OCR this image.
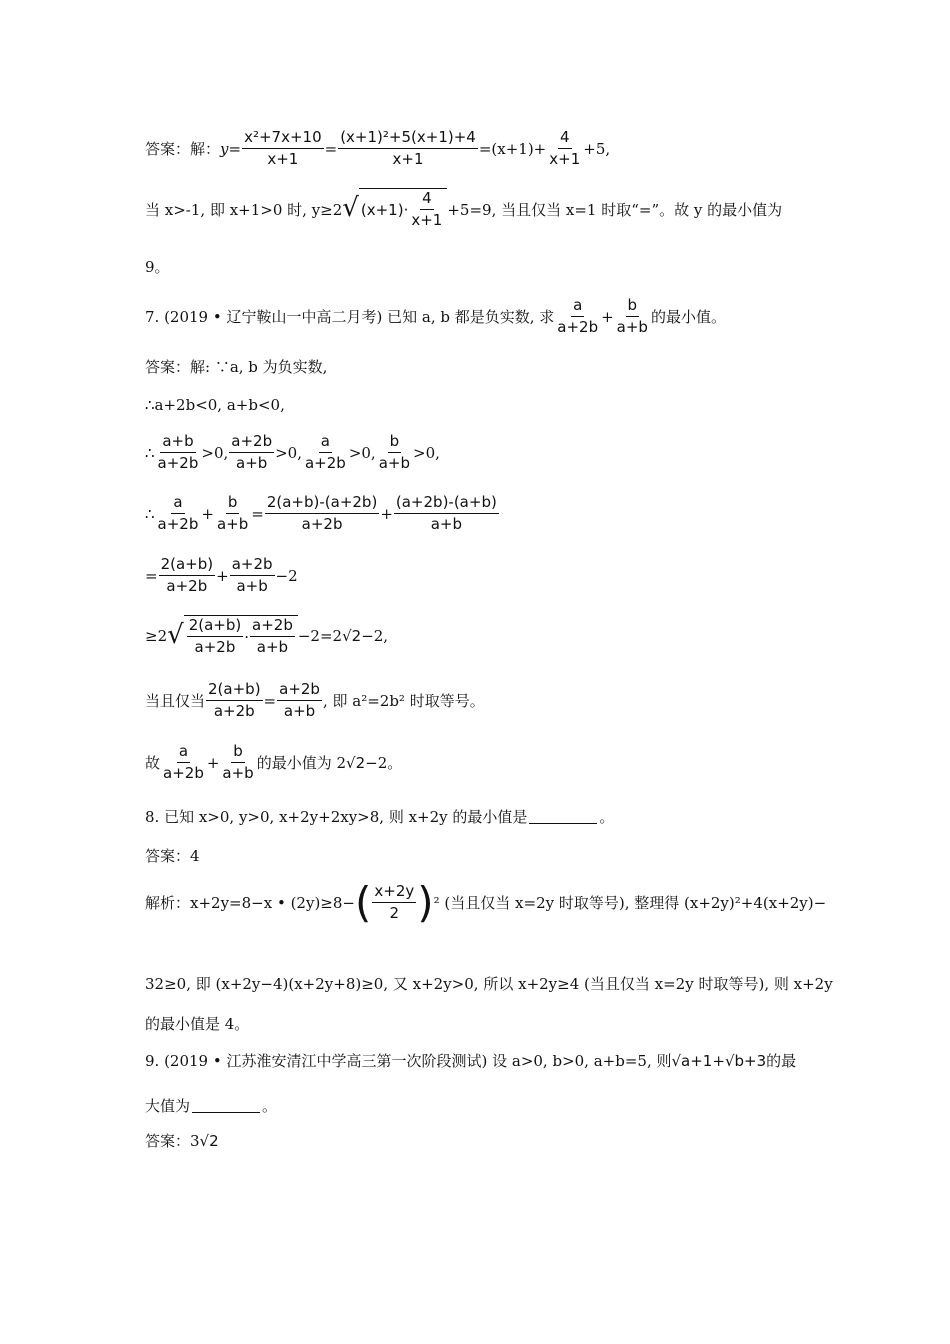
答案：解： $y = \frac{\text{x²+7x+10}}{x+1} = \frac{\text{(x+1)²+5(x+1)+4}}{x+1} =(x+1)+ \frac{4}{x+1} +5$,
当 x>-1, 即 x+1>0 时, y≥2 √ $(x+1)\cdot \frac{4}{x+1} +5=9$, 当且仅当 x=1 时取“=”。故 y 的最小值为
9。
7. (2019 • 辽宁鞍山一中高二月考) 已知 a, b 都是负实数, 求 $\frac{a}{a+2b} + \frac{b}{a+b}$ 的最小值。
答案：解: ∵a, b 为负实数,
∴a+2b<0, a+b<0,
∴ $\frac{a+b}{a+2b} >0$, $\frac{a+2b}{a+b} >0$, $\frac{a}{a+2b} >0$, $\frac{b}{a+b} >0$,
∴ $\frac{a}{a+2b} + \frac{b}{a+b} = \frac{2(a+b)-(a+2b)}{a+2b} + \frac{(a+2b)-(a+b)}{a+b}$
= $\frac{2(a+b)}{a+2b} + \frac{a+2b}{a+b} -2$
≥2 √ $\frac{2(a+b)}{a+2b} \cdot \frac{a+2b}{a+b} -2=2$ √2 −2,
当且仅当 $\frac{2(a+b)}{a+2b} = \frac{a+2b}{a+b}$ , 即 a²=2b² 时取等号。
故 $\frac{a}{a+2b} + \frac{b}{a+b}$ 的最小值为 2 √2 −2。
8. 已知 x>0, y>0, x+2y+2xy>8, 则 x+2y 的最小值是	。
答案：4
解析：x+2y=8−x • (2y)≥8− ( $\frac{x+2y}{2}$ ) ² (当且仅当 x=2y 时取等号), 整理得 (x+2y)²+4(x+2y)−
32≥0, 即 (x+2y−4)(x+2y+8)≥0, 又 x+2y>0, 所以 x+2y≥4 (当且仅当 x=2y 时取等号), 则 x+2y
的最小值是 4。
9. (2019 • 江苏淮安清江中学高三第一次阶段测试) 设 a>0, b>0, a+b=5, 则 √a+1 + √b+3 的最
大值为	。
答案：3 √2
